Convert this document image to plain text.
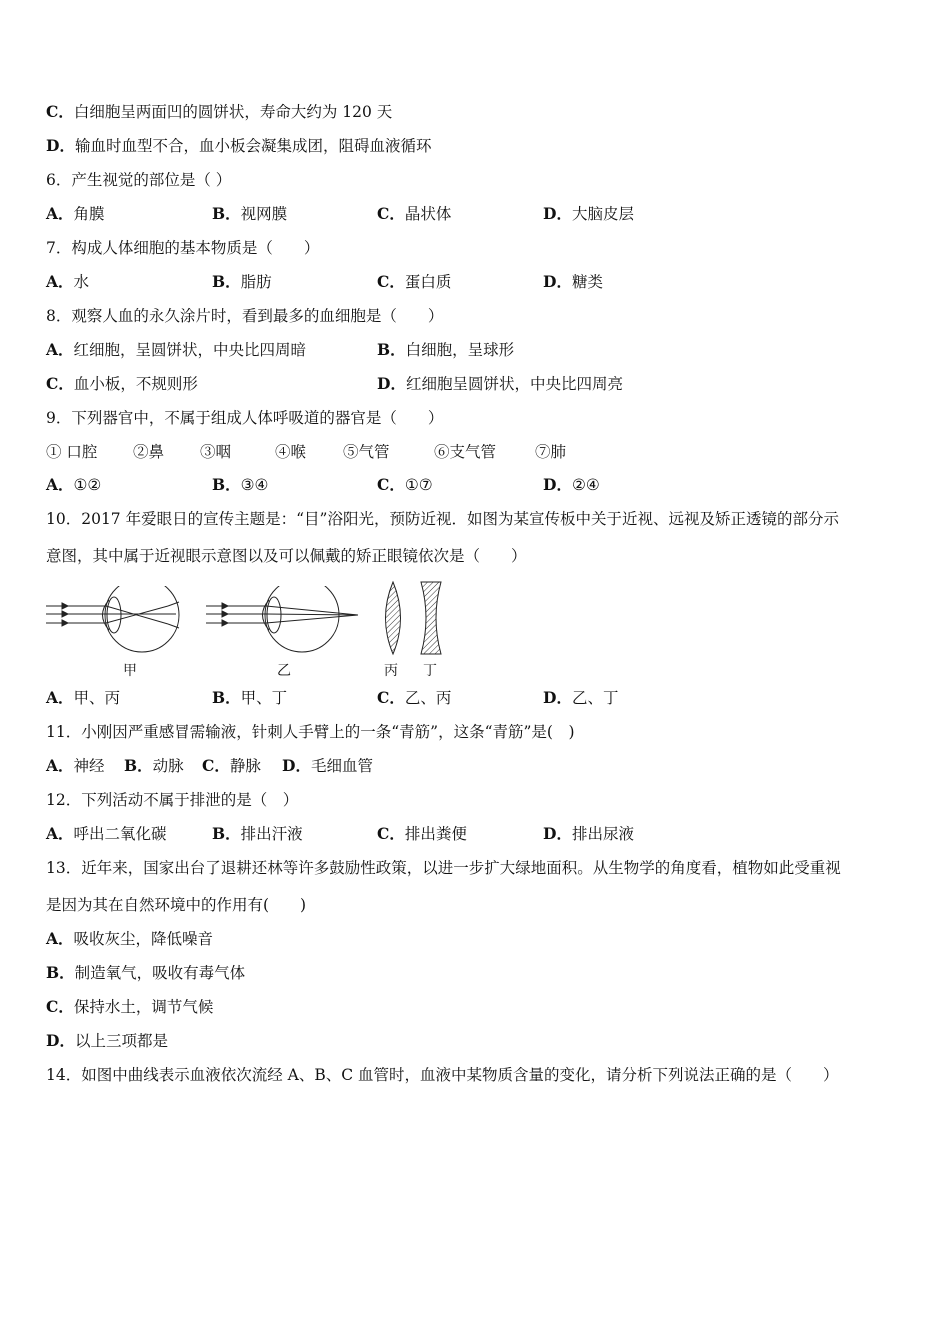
C．白细胞呈两面凹的圆饼状，寿命大约为 120 天
D．输血时血型不合，血小板会凝集成团，阻碍血液循环
6．产生视觉的部位是（ ）
A．角膜	B．视网膜	C．晶状体	D．大脑皮层
7．构成人体细胞的基本物质是（　　）
A．水	B．脂肪	C．蛋白质	D．糖类
8．观察人血的永久涂片时，看到最多的血细胞是（　　）
A．红细胞，呈圆饼状，中央比四周暗	B．白细胞，呈球形
C．血小板，不规则形	D．红细胞呈圆饼状，中央比四周亮
9．下列器官中，不属于组成人体呼吸道的器官是（　　）
① 口腔 ②鼻 ③咽	④喉 ⑤气管	⑥支气管	⑦肺
A．①②	B．③④	C．①⑦	D．②④
10．2017 年爱眼日的宣传主题是：“目”浴阳光，预防近视．如图为某宣传板中关于近视、远视及矫正透镜的部分示
意图，其中属于近视眼示意图以及可以佩戴的矫正眼镜依次是（　　）
甲	乙	丙 丁
A．甲、丙	B．甲、丁	C．乙、丙	D．乙、丁
11．小刚因严重感冒需输液，针刺人手臂上的一条“青筋”，这条“青筋”是(　)
A．神经 B．动脉 C．静脉 D．毛细血管
12．下列活动不属于排泄的是（　）
A．呼出二氧化碳	B．排出汗液	C．排出粪便	D．排出尿液
13．近年来，国家出台了退耕还林等许多鼓励性政策，以进一步扩大绿地面积。从生物学的角度看，植物如此受重视
是因为其在自然环境中的作用有(　　)
A．吸收灰尘，降低噪音
B．制造氧气，吸收有毒气体
C．保持水土，调节气候
D．以上三项都是
14．如图中曲线表示血液依次流经 A、B、C 血管时，血液中某物质含量的变化，请分析下列说法正确的是（　　）
